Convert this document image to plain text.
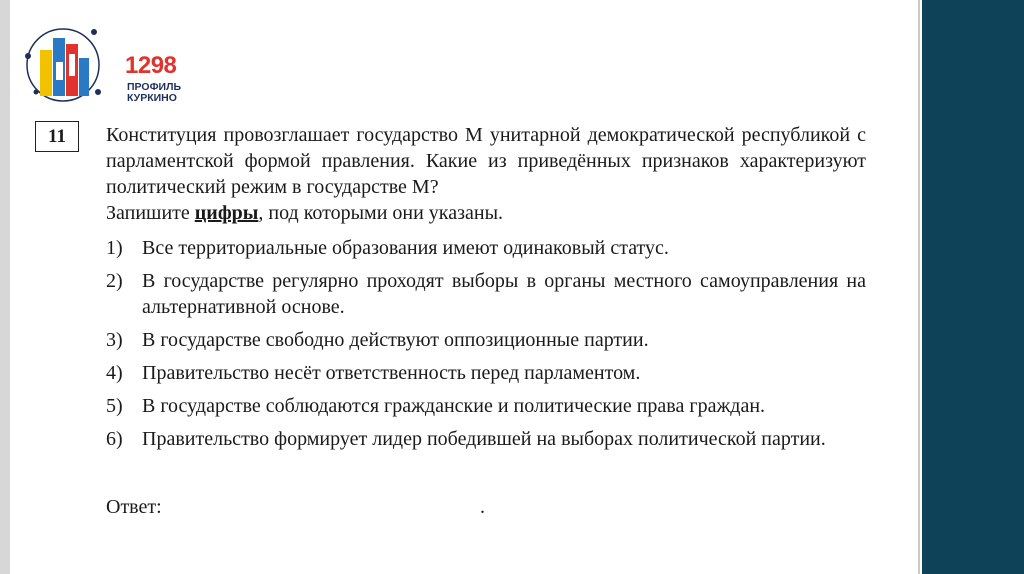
1298
ПРОФИЛЬ
КУРКИНО
11	Конституция провозглашает государство М унитарной демократической республикой с парламентской формой правления. Какие из приведённых признаков характеризуют политический режим в государстве М?
Запишите цифры, под которыми они указаны.
1) Все территориальные образования имеют одинаковый статус.
2) В государстве регулярно проходят выборы в органы местного самоуправления на альтернативной основе.
3) В государстве свободно действуют оппозиционные партии.
4) Правительство несёт ответственность перед парламентом.
5) В государстве соблюдаются гражданские и политические права граждан.
6) Правительство формирует лидер победившей на выборах политической партии.
Ответ:	.
